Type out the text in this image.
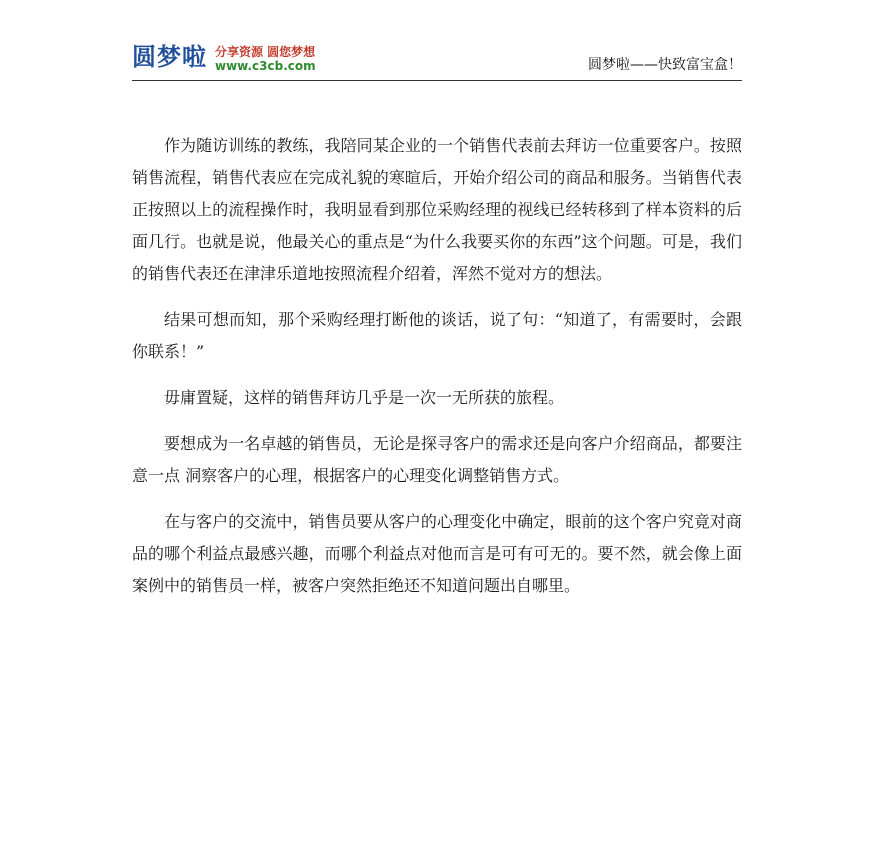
圆梦啦 分享资源 圆您梦想
www.c3cb.com	圆梦啦——快致富宝盒！

作为随访训练的教练，我陪同某企业的一个销售代表前去拜访一位重要客户。按照销售流程，销售代表应在完成礼貌的寒暄后，开始介绍公司的商品和服务。当销售代表正按照以上的流程操作时，我明显看到那位采购经理的视线已经转移到了样本资料的后面几行。也就是说，他最关心的重点是“为什么我要买你的东西”这个问题。可是，我们的销售代表还在津津乐道地按照流程介绍着，浑然不觉对方的想法。

结果可想而知，那个采购经理打断他的谈话，说了句：“知道了，有需要时，会跟你联系！”

毋庸置疑，这样的销售拜访几乎是一次一无所获的旅程。

要想成为一名卓越的销售员，无论是探寻客户的需求还是向客户介绍商品，都要注意一点 洞察客户的心理，根据客户的心理变化调整销售方式。

在与客户的交流中，销售员要从客户的心理变化中确定，眼前的这个客户究竟对商品的哪个利益点最感兴趣，而哪个利益点对他而言是可有可无的。要不然，就会像上面案例中的销售员一样，被客户突然拒绝还不知道问题出自哪里。
